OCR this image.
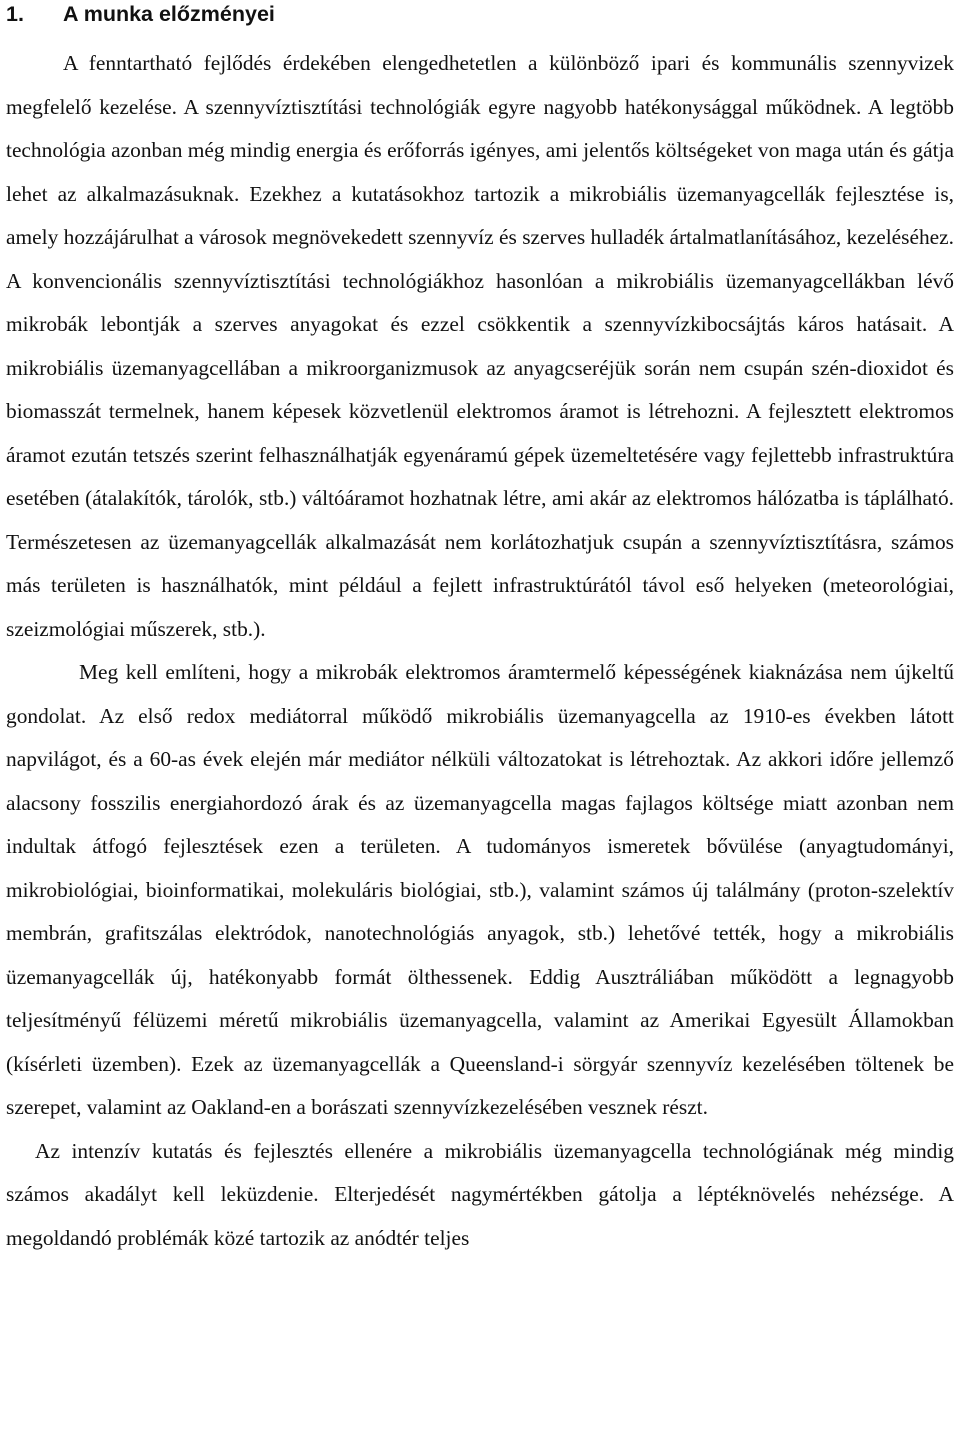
1.	A munka előzményei

A fenntartható fejlődés érdekében elengedhetetlen a különböző ipari és kommunális szennyvizek megfelelő kezelése. A szennyvíztisztítási technológiák egyre nagyobb hatékonysággal működnek. A legtöbb technológia azonban még mindig energia és erőforrás igényes, ami jelentős költségeket von maga után és gátja lehet az alkalmazásuknak. Ezekhez a kutatásokhoz tartozik a mikrobiális üzemanyagcellák fejlesztése is, amely hozzájárulhat a városok megnövekedett szennyvíz és szerves hulladék ártalmatlanításához, kezeléséhez. A konvencionális szennyvíztisztítási technológiákhoz hasonlóan a mikrobiális üzemanyagcellákban lévő mikrobák lebontják a szerves anyagokat és ezzel csökkentik a szennyvízkibocsájtás káros hatásait. A mikrobiális üzemanyagcellában a mikroorganizmusok az anyagcseréjük során nem csupán szén-dioxidot és biomasszát termelnek, hanem képesek közvetlenül elektromos áramot is létrehozni. A fejlesztett elektromos áramot ezután tetszés szerint felhasználhatják egyenáramú gépek üzemeltetésére vagy fejlettebb infrastruktúra esetében (átalakítók, tárolók, stb.) váltóáramot hozhatnak létre, ami akár az elektromos hálózatba is táplálható. Természetesen az üzemanyagcellák alkalmazását nem korlátozhatjuk csupán a szennyvíztisztításra, számos más területen is használhatók, mint például a fejlett infrastruktúrától távol eső helyeken (meteorológiai, szeizmológiai műszerek, stb.).

Meg kell említeni, hogy a mikrobák elektromos áramtermelő képességének kiaknázása nem újkeltű gondolat. Az első redox mediátorral működő mikrobiális üzemanyagcella az 1910-es években látott napvilágot, és a 60-as évek elején már mediátor nélküli változatokat is létrehoztak. Az akkori időre jellemző alacsony fosszilis energiahordozó árak és az üzemanyagcella magas fajlagos költsége miatt azonban nem indultak átfogó fejlesztések ezen a területen. A tudományos ismeretek bővülése (anyagtudományi, mikrobiológiai, bioinformatikai, molekuláris biológiai, stb.), valamint számos új találmány (proton-szelektív membrán, grafitszálas elektródok, nanotechnológiás anyagok, stb.) lehetővé tették, hogy a mikrobiális üzemanyagcellák új, hatékonyabb formát ölthessenek. Eddig Ausztráliában működött a legnagyobb teljesítményű félüzemi méretű mikrobiális üzemanyagcella, valamint az Amerikai Egyesült Államokban (kísérleti üzemben). Ezek az üzemanyagcellák a Queensland-i sörgyár szennyvíz kezelésében töltenek be szerepet, valamint az Oakland-en a borászati szennyvízkezelésében vesznek részt.

Az intenzív kutatás és fejlesztés ellenére a mikrobiális üzemanyagcella technológiának még mindig számos akadályt kell leküzdenie. Elterjedését nagymértékben gátolja a léptéknövelés nehézsége. A megoldandó problémák közé tartozik az anódtér teljes
